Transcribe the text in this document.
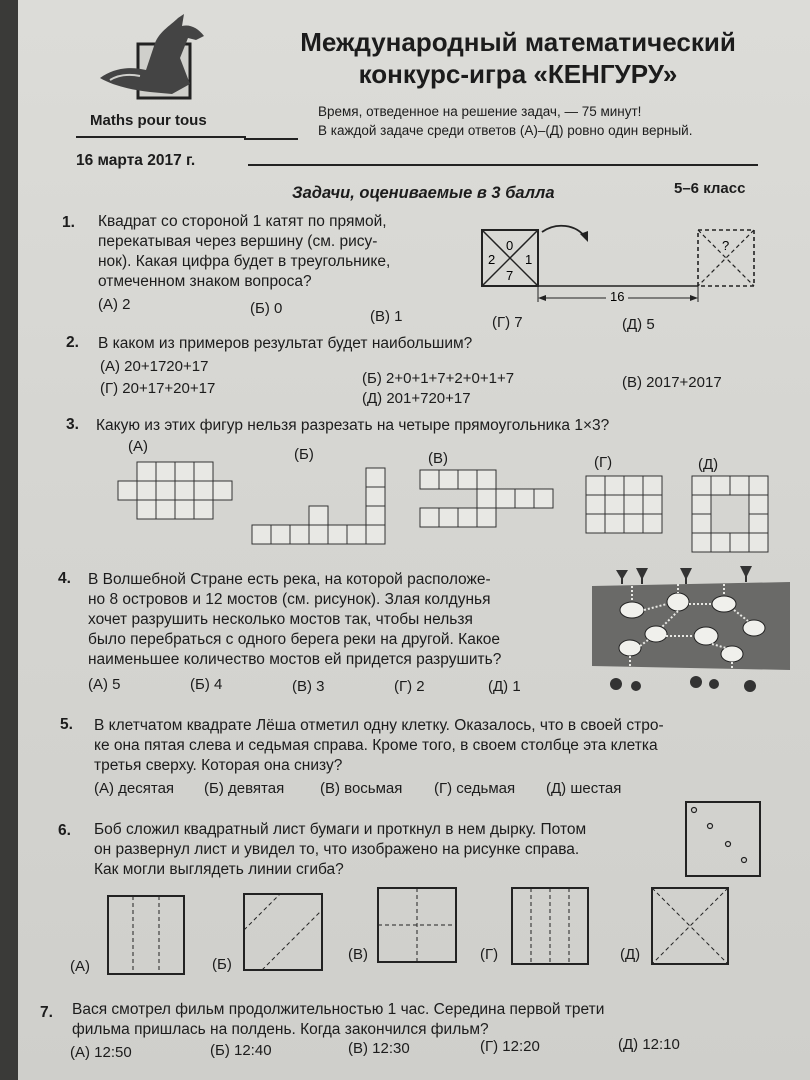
Maths pour tous
Международный математический
конкурс-игра «КЕНГУРУ»
Время, отведенное на решение задач, — 75 минут!
В каждой задаче среди ответов (А)–(Д) ровно один верный.
16 марта 2017 г.
Задачи, оцениваемые в 3 балла	5–6 класс
1. Квадрат со стороной 1 катят по прямой,
перекатывая через вершину (см. рису-
нок). Какая цифра будет в треугольнике,
отмеченном знаком вопроса?
(А) 2	(Б) 0	(В) 1	(Г) 7	(Д) 5
0
2 1
7
?
16
2. В каком из примеров результат будет наибольшим?
(А) 20+1720+17
(Г) 20+17+20+17
(Б) 2+0+1+7+2+0+1+7
(Д) 201+720+17
(В) 2017+2017
3. Какую из этих фигур нельзя разрезать на четыре прямоугольника 1×3?
(А)	(Б)	(В)	(Г)	(Д)
4. В Волшебной Стране есть река, на которой расположе-
но 8 островов и 12 мостов (см. рисунок). Злая колдунья
хочет разрушить несколько мостов так, чтобы нельзя
было перебраться с одного берега реки на другой. Какое
наименьшее количество мостов ей придется разрушить?
(А) 5	(Б) 4	(В) 3	(Г) 2	(Д) 1
5. В клетчатом квадрате Лёша отметил одну клетку. Оказалось, что в своей стро-
ке она пятая слева и седьмая справа. Кроме того, в своем столбце эта клетка
третья сверху. Которая она снизу?
(А) десятая (Б) девятая (В) восьмая (Г) седьмая (Д) шестая
6. Боб сложил квадратный лист бумаги и проткнул в нем дырку. Потом
он развернул лист и увидел то, что изображено на рисунке справа.
Как могли выглядеть линии сгиба?
(А)	(Б)
(В)	(Г)	(Д)
7. Вася смотрел фильм продолжительностью 1 час. Середина первой трети
фильма пришлась на полдень. Когда закончился фильм?
(А) 12:50	(Б) 12:40	(В) 12:30	(Г) 12:20	(Д) 12:10
